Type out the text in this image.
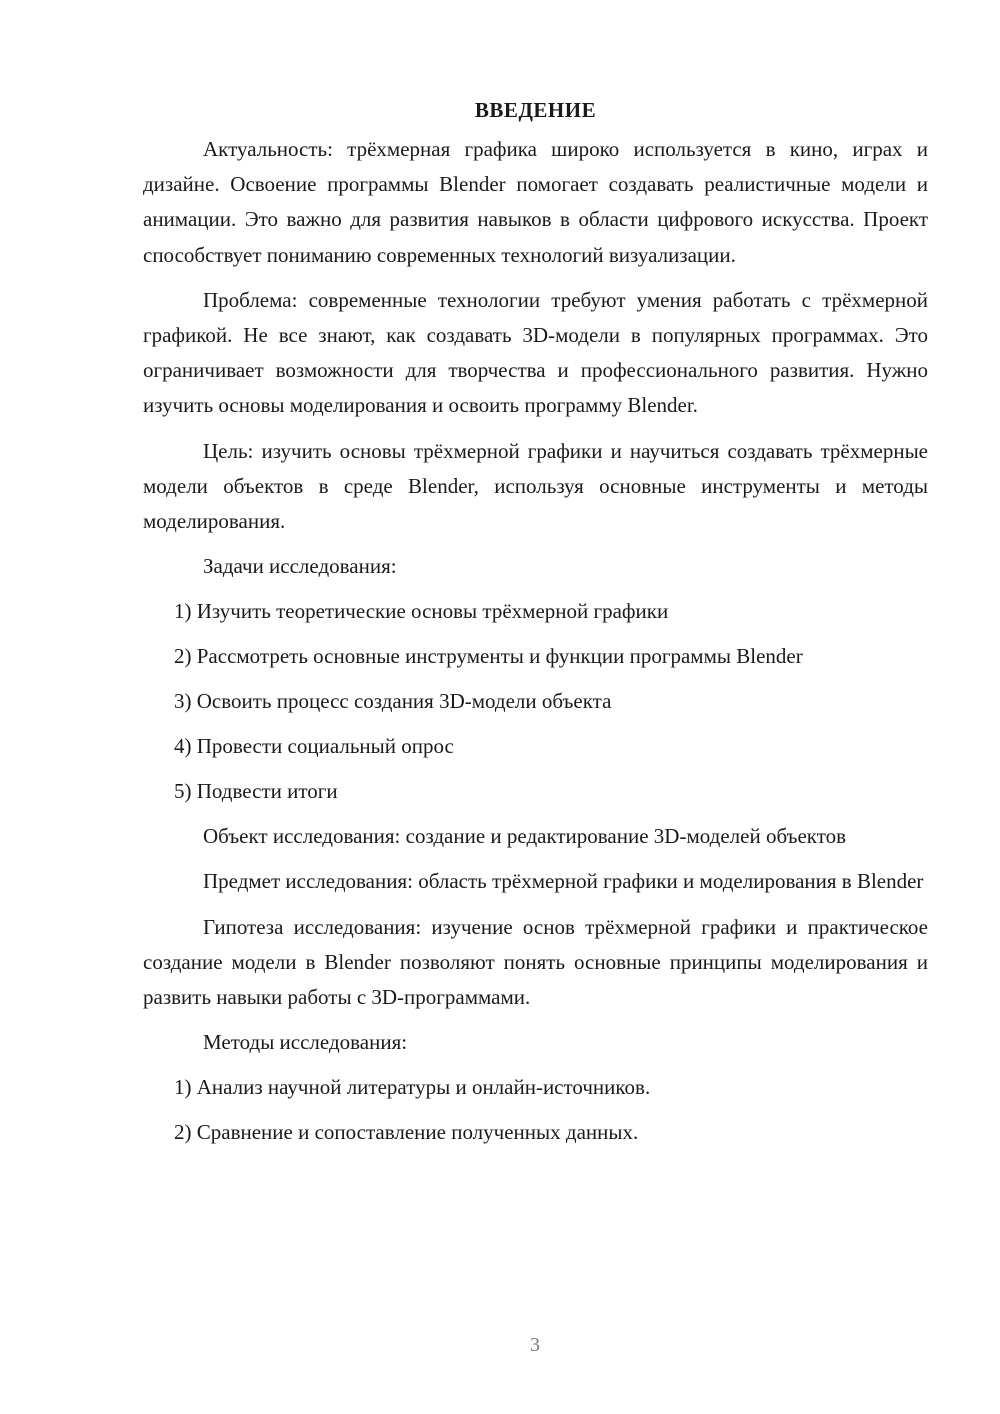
ВВЕДЕНИЕ

Актуальность: трёхмерная графика широко используется в кино, играх и дизайне. Освоение программы Blender помогает создавать реалистичные модели и анимации. Это важно для развития навыков в области цифрового искусства. Проект способствует пониманию современных технологий визуализации.

Проблема: современные технологии требуют умения работать с трёхмерной графикой. Не все знают, как создавать 3D-модели в популярных программах. Это ограничивает возможности для творчества и профессионального развития. Нужно изучить основы моделирования и освоить программу Blender.

Цель: изучить основы трёхмерной графики и научиться создавать трёхмерные модели объектов в среде Blender, используя основные инструменты и методы моделирования.

Задачи исследования:

1) Изучить теоретические основы трёхмерной графики
2) Рассмотреть основные инструменты и функции программы Blender
3) Освоить процесс создания 3D-модели объекта
4) Провести социальный опрос
5) Подвести итоги

Объект исследования: создание и редактирование 3D-моделей объектов

Предмет исследования: область трёхмерной графики и моделирования в Blender

Гипотеза исследования: изучение основ трёхмерной графики и практическое создание модели в Blender позволяют понять основные принципы моделирования и развить навыки работы с 3D-программами.

Методы исследования:

1) Анализ научной литературы и онлайн-источников.
2) Сравнение и сопоставление полученных данных.
3
